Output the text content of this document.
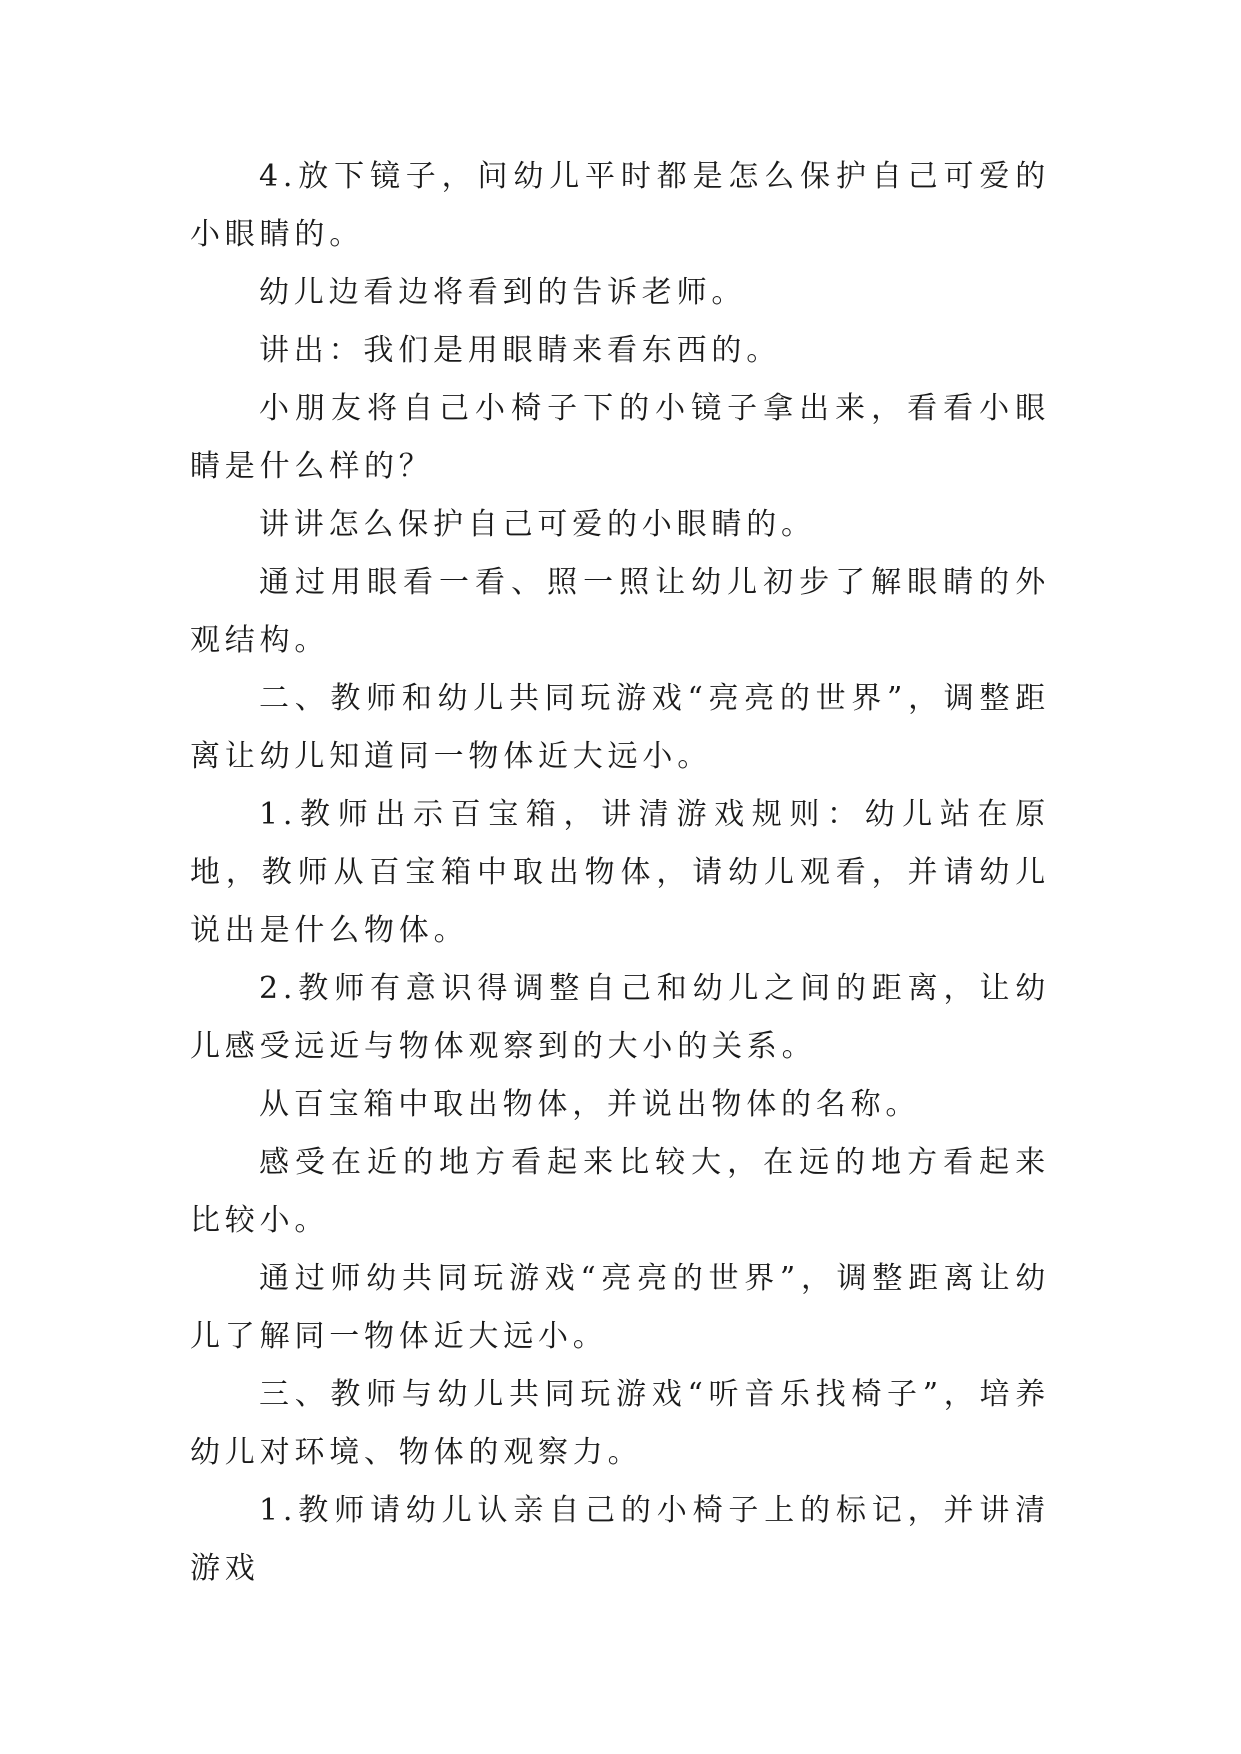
4.放下镜子，问幼儿平时都是怎么保护自己可爱的小眼睛的。

幼儿边看边将看到的告诉老师。

讲出：我们是用眼睛来看东西的。

小朋友将自己小椅子下的小镜子拿出来，看看小眼睛是什么样的？

讲讲怎么保护自己可爱的小眼睛的。

通过用眼看一看、照一照让幼儿初步了解眼睛的外观结构。

二、教师和幼儿共同玩游戏“亮亮的世界”，调整距离让幼儿知道同一物体近大远小。

1.教师出示百宝箱，讲清游戏规则：幼儿站在原地，教师从百宝箱中取出物体，请幼儿观看，并请幼儿说出是什么物体。

2.教师有意识得调整自己和幼儿之间的距离，让幼儿感受远近与物体观察到的大小的关系。

从百宝箱中取出物体，并说出物体的名称。

感受在近的地方看起来比较大，在远的地方看起来比较小。

通过师幼共同玩游戏“亮亮的世界”，调整距离让幼儿了解同一物体近大远小。

三、教师与幼儿共同玩游戏“听音乐找椅子”，培养幼儿对环境、物体的观察力。

1.教师请幼儿认亲自己的小椅子上的标记，并讲清游戏
